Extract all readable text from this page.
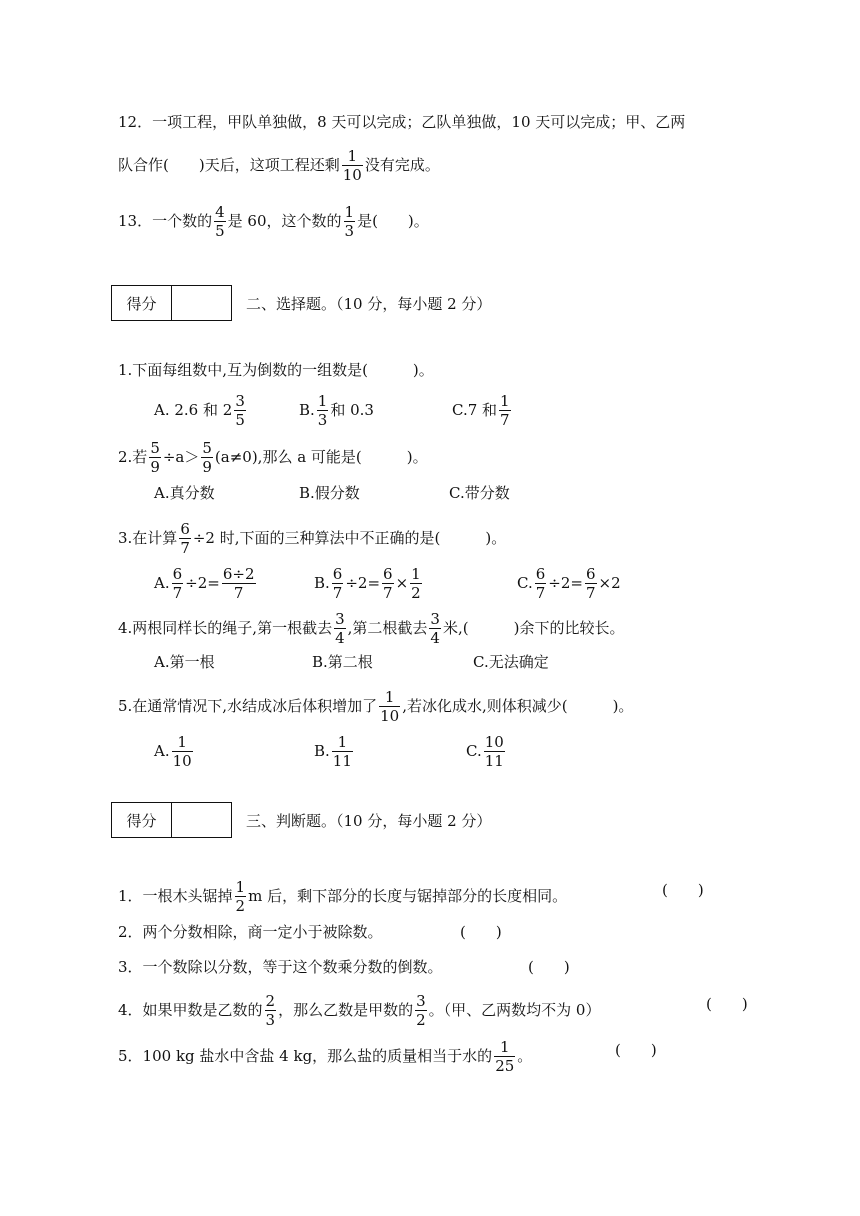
12．一项工程，甲队单独做，8 天可以完成；乙队单独做，10 天可以完成；甲、乙两
队合作(　　)天后，这项工程还剩 $\frac{1}{10}$ 没有完成。
13．一个数的 $\frac{4}{5}$ 是 60，这个数的 $\frac{1}{3}$ 是(　　)。
得分	二、选择题。（10 分，每小题 2 分）
1.下面每组数中,互为倒数的一组数是(　　　)。
A. 2.6 和 $2 \frac{3}{5}$	B. $\frac{1}{3}$ 和 0.3	C.7 和 $\frac{1}{7}$
2.若 $\frac{5}{9} \div a> \frac{5}{9} (a\ne 0)$,那么 a 可能是(　　　)。
A.真分数	B.假分数	C.带分数
3.在计算 $\frac{6}{7} \div 2$ 时,下面的三种算法中不正确的是(　　　)。
A. $\frac{6}{7} \div 2= \frac{6\div 2}{7}$	B. $\frac{6}{7} \div 2= \frac{6}{7} \times \frac{1}{2}$	C. $\frac{6}{7} \div 2= \frac{6}{7} \times 2$
4.两根同样长的绳子,第一根截去 $\frac{3}{4}$ ,第二根截去 $\frac{3}{4}$ 米,(　　　)余下的比较长。
A.第一根	B.第二根	C.无法确定
5.在通常情况下,水结成冰后体积增加了 $\frac{1}{10}$ ,若冰化成水,则体积减少(　　　)。
A. $\frac{1}{10}$	B. $\frac{1}{11}$	C. $\frac{10}{11}$
得分	三、判断题。（10 分，每小题 2 分）
1．一根木头锯掉 $\frac{1}{2}$ m 后，剩下部分的长度与锯掉部分的长度相同。	(　　)
2．两个分数相除，商一定小于被除数。	(　　)
3．一个数除以分数，等于这个数乘分数的倒数。	(　　)
4．如果甲数是乙数的 $\frac{2}{3}$ ，那么乙数是甲数的 $\frac{3}{2}$ 。（甲、乙两数均不为 0）	(　　)
5．100 kg 盐水中含盐 4 kg，那么盐的质量相当于水的 $\frac{1}{25}$ 。	(　　)
